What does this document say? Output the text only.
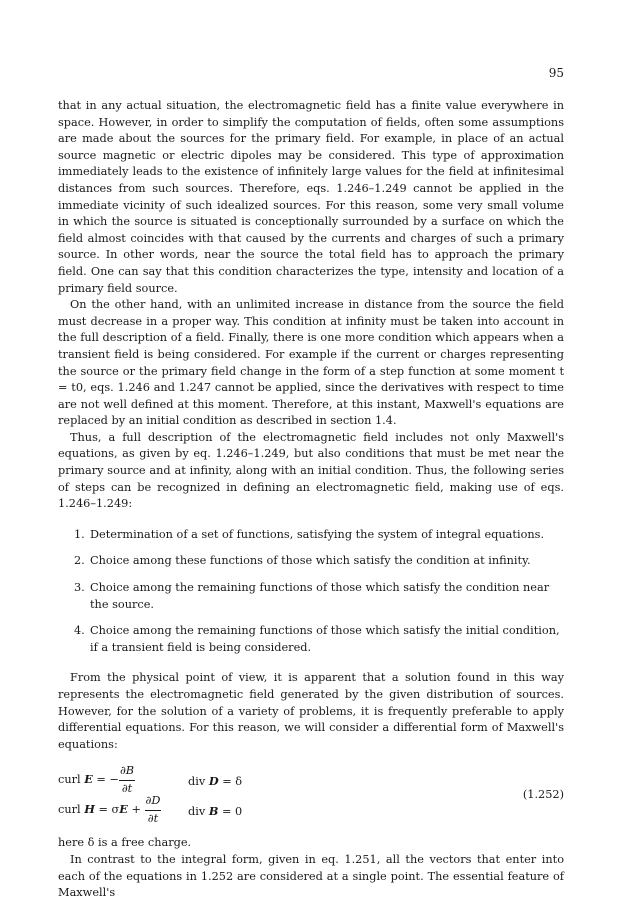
95

that in any actual situation, the electromagnetic field has a finite value everywhere in space. However, in order to simplify the computation of fields, often some assumptions are made about the sources for the primary field. For example, in place of an actual source magnetic or electric dipoles may be considered. This type of approximation immediately leads to the existence of infinitely large values for the field at infinitesimal distances from such sources. Therefore, eqs. 1.246–1.249 cannot be applied in the immediate vicinity of such idealized sources. For this reason, some very small volume in which the source is situated is conceptionally surrounded by a surface on which the field almost coincides with that caused by the currents and charges of such a primary source. In other words, near the source the total field has to approach the primary field. One can say that this condition characterizes the type, intensity and location of a primary field source.

On the other hand, with an unlimited increase in distance from the source the field must decrease in a proper way. This condition at infinity must be taken into account in the full description of a field. Finally, there is one more condition which appears when a transient field is being considered. For example if the current or charges representing the source or the primary field change in the form of a step function at some moment t = t0, eqs. 1.246 and 1.247 cannot be applied, since the derivatives with respect to time are not well defined at this moment. Therefore, at this instant, Maxwell's equations are replaced by an initial condition as described in section 1.4.

Thus, a full description of the electromagnetic field includes not only Maxwell's equations, as given by eq. 1.246–1.249, but also conditions that must be met near the primary source and at infinity, along with an initial condition. Thus, the following series of steps can be recognized in defining an electromagnetic field, making use of eqs. 1.246–1.249:

1. Determination of a set of functions, satisfying the system of integral equations.
2. Choice among these functions of those which satisfy the condition at infinity.
3. Choice among the remaining functions of those which satisfy the condition near the source.
4. Choice among the remaining functions of those which satisfy the initial condition, if a transient field is being considered.

From the physical point of view, it is apparent that a solution found in this way represents the electromagnetic field generated by the given distribution of sources. However, for the solution of a variety of problems, it is frequently preferable to apply differential equations. For this reason, we will consider a differential form of Maxwell's equations:

curl E = − $\frac{\partial B}{\partial t}$	div D = δ
curl $H = \sigma E + \frac{\partial D}{\partial t}$ div B = 0
(1.252)

here δ is a free charge.

In contrast to the integral form, given in eq. 1.251, all the vectors that enter into each of the equations in 1.252 are considered at a single point. The essential feature of Maxwell's
